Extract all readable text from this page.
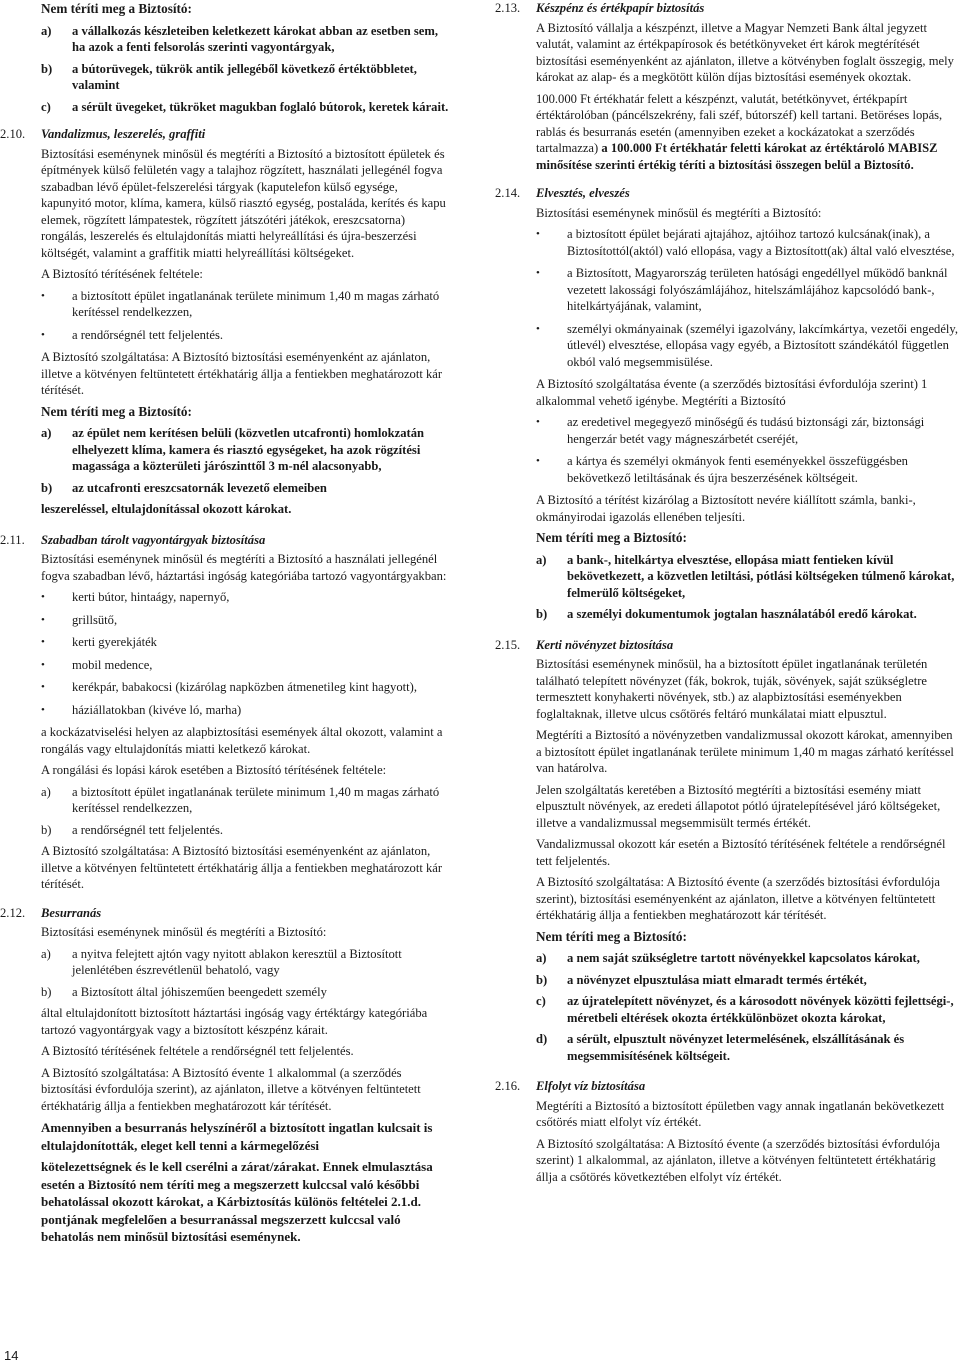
Nem téríti meg a Biztosító:

a)	a vállalkozás készleteiben keletkezett károkat abban az esetben sem, ha azok a fenti felsorolás szerinti vagyontárgyak,
b)	a bútorüvegek, tükrök antik jellegéből következő értéktöbbletet, valamint
c)	a sérült üvegeket, tükröket magukban foglaló bútorok, keretek kárait.
2.10.	Vandalizmus, leszerelés, graffiti

Biztosítási eseménynek minősül és megtéríti a Biztosító a biztosított épületek és építmények külső felületén vagy a talajhoz rögzített, használati jellegénél fogva szabadban lévő épület-felszerelési tárgyak (kaputelefon külső egysége, kapunyitó motor, klíma, kamera, külső riasztó egység, postaláda, kerítés és kapu elemek, rögzített lámpatestek, rögzített játszótéri játékok, ereszcsatorna) rongálás, leszerelés és eltulajdonítás miatti helyreállítási és újra-beszerzési költségét, valamint a graffitik miatti helyreállítási költségeket.

A Biztosító térítésének feltétele:

•	a biztosított épület ingatlanának területe minimum 1,40 m magas zárható kerítéssel rendelkezzen,
•	a rendőrségnél tett feljelentés.

A Biztosító szolgáltatása: A Biztosító biztosítási eseményenként az ajánlaton, illetve a kötvényen feltüntetett értékhatárig állja a fentiekben meghatározott kár térítését.

Nem téríti meg a Biztosító:

a)	az épület nem kerítésen belüli (közvetlen utcafronti) homlokzatán elhelyezett klíma, kamera és riasztó egységeket, ha azok rögzítési magassága a közterületi járószinttől 3 m-nél alacsonyabb,
b)	az utcafronti ereszcsatornák levezető elemeiben

leszereléssel, eltulajdonítással okozott károkat.

2.11.	Szabadban tárolt vagyontárgyak biztosítása

Biztosítási eseménynek minősül és megtéríti a Biztosító a használati jellegénél fogva szabadban lévő, háztartási ingóság kategóriába tartozó vagyontárgyakban:

•	kerti bútor, hintaágy, napernyő,
•	grillsütő,
•	kerti gyerekjáték
•	mobil medence,
•	kerékpár, babakocsi (kizárólag napközben átmenetileg kint hagyott),
•	háziállatokban (kivéve ló, marha)

a kockázatviselési helyen az alapbiztosítási események által okozott, valamint a rongálás vagy eltulajdonítás miatti keletkező károkat.

A rongálási és lopási károk esetében a Biztosító térítésének feltétele:

a)	a biztosított épület ingatlanának területe minimum 1,40 m magas zárható kerítéssel rendelkezzen,
b)	a rendőrségnél tett feljelentés.

A Biztosító szolgáltatása: A Biztosító biztosítási eseményenként az ajánlaton, illetve a kötvényen feltüntetett értékhatárig állja a fentiekben meghatározott kár térítését.

2.12.	Besurranás

Biztosítási eseménynek minősül és megtéríti a Biztosító:

a)	a nyitva felejtett ajtón vagy nyitott ablakon keresztül a Biztosított jelenlétében észrevétlenül behatoló, vagy
b)	a Biztosított által jóhiszeműen beengedett személy

által eltulajdonított biztosított háztartási ingóság vagy értéktárgy kategóriába tartozó vagyontárgyak vagy a biztosított készpénz kárait.

A Biztosító térítésének feltétele a rendőrségnél tett feljelentés.

A Biztosító szolgáltatása: A Biztosító évente 1 alkalommal (a szerződés biztosítási évfordulója szerint), az ajánlaton, illetve a kötvényen feltüntetett értékhatárig állja a fentiekben meghatározott kár térítését.

Amennyiben a besurranás helyszínéről a biztosított ingatlan kulcsait is eltulajdonították, eleget kell tenni a kármegelőzési

kötelezettségnek és le kell cserélni a zárat/zárakat. Ennek elmulasztása esetén a Biztosító nem téríti meg a megszerzett kulccsal való későbbi behatolással okozott károkat, a Kárbiztosítás különös feltételei 2.1.d. pontjának megfelelően a besurranással megszerzett kulccsal való behatolás nem minősül biztosítási eseménynek.

14
2.13.	Készpénz és értékpapír biztosítás

A Biztosító vállalja a készpénzt, illetve a Magyar Nemzeti Bank által jegyzett valutát, valamint az értékpapírosok és betétkönyveket ért károk megtérítését biztosítási eseményenként az ajánlaton, illetve a kötvényben foglalt összegig, mely károkat az alap- és a megkötött külön díjas biztosítási események okoztak.

100.000 Ft értékhatár felett a készpénzt, valutát, betétkönyvet, értékpapírt értéktárolóban (páncélszekrény, fali széf, bútorszéf) kell tartani. Betöréses lopás, rablás és besurranás esetén (amennyiben ezeket a kockázatokat a szerződés tartalmazza) a 100.000 Ft értékhatár feletti károkat az értéktároló MABISZ minősítése szerinti értékig téríti a biztosítási összegen belül a Biztosító.

2.14.	Elvesztés, elveszés

Biztosítási eseménynek minősül és megtéríti a Biztosító:

•	a biztosított épület bejárati ajtajához, ajtóihoz tartozó kulcsának(inak), a Biztosítottól(aktól) való ellopása, vagy a Biztosított(ak) által való elvesztése,
•	a Biztosított, Magyarország területen hatósági engedéllyel működő banknál vezetett lakossági folyószámlájához, hitelszámlájához kapcsolódó bank-, hitelkártyájának, valamint,
•	személyi okmányainak (személyi igazolvány, lakcímkártya, vezetői engedély, útlevél) elvesztése, ellopása vagy egyéb, a Biztosított szándékától független okból való megsemmisülése.

A Biztosító szolgáltatása évente (a szerződés biztosítási évfordulója szerint) 1 alkalommal vehető igénybe. Megtéríti a Biztosító

•	az eredetivel megegyező minőségű és tudású biztonsági zár, biztonsági hengerzár betét vagy mágneszárbetét cseréjét,
•	a kártya és személyi okmányok fenti eseményekkel összefüggésben bekövetkező letiltásának és újra beszerzésének költségeit.

A Biztosító a térítést kizárólag a Biztosított nevére kiállított számla, banki-, okmányirodai igazolás ellenében teljesíti.

Nem téríti meg a Biztosító:

a)	a bank-, hitelkártya elvesztése, ellopása miatt fentieken kívül bekövetkezett, a közvetlen letiltási, pótlási költségeken túlmenő károkat, felmerülő költségeket,
b)	a személyi dokumentumok jogtalan használatából eredő károkat.
2.15.	Kerti növényzet biztosítása

Biztosítási eseménynek minősül, ha a biztosított épület ingatlanának területén található telepített növényzet (fák, bokrok, tuják, sövények, saját szükségletre termesztett konyhakerti növények, stb.) az alapbiztosítási eseményekben foglaltaknak, illetve ulcus csőtörés feltáró munkálatai miatt elpusztul.

Megtéríti a Biztosító a növényzetben vandalizmussal okozott károkat, amennyiben a biztosított épület ingatlanának területe minimum 1,40 m magas zárható kerítéssel van határolva.

Jelen szolgáltatás keretében a Biztosító megtéríti a biztosítási esemény miatt elpusztult növények, az eredeti állapotot pótló újratelepítésével járó költségeket, illetve a vandalizmussal megsemmisült termés értékét.

Vandalizmussal okozott kár esetén a Biztosító térítésének feltétele a rendőrségnél tett feljelentés.

A Biztosító szolgáltatása: A Biztosító évente (a szerződés biztosítási évfordulója szerint), biztosítási eseményenként az ajánlaton, illetve a kötvényen feltüntetett értékhatárig állja a fentiekben meghatározott kár térítését.

Nem téríti meg a Biztosító:

a)	a nem saját szükségletre tartott növényekkel kapcsolatos károkat,
b)	a növényzet elpusztulása miatt elmaradt termés értékét,
c)	az újratelepített növényzet, és a károsodott növények közötti fejlettségi-, méretbeli eltérések okozta értékkülönbözet okozta károkat,
d)	a sérült, elpusztult növényzet letermelésének, elszállításának és megsemmisítésének költségeit.
2.16.	Elfolyt víz biztosítása

Megtéríti a Biztosító a biztosított épületben vagy annak ingatlanán bekövetkezett csőtörés miatt elfolyt víz értékét.

A Biztosító szolgáltatása: A Biztosító évente (a szerződés biztosítási évfordulója szerint) 1 alkalommal, az ajánlaton, illetve a kötvényen feltüntetett értékhatárig állja a csőtörés következtében elfolyt víz értékét.
